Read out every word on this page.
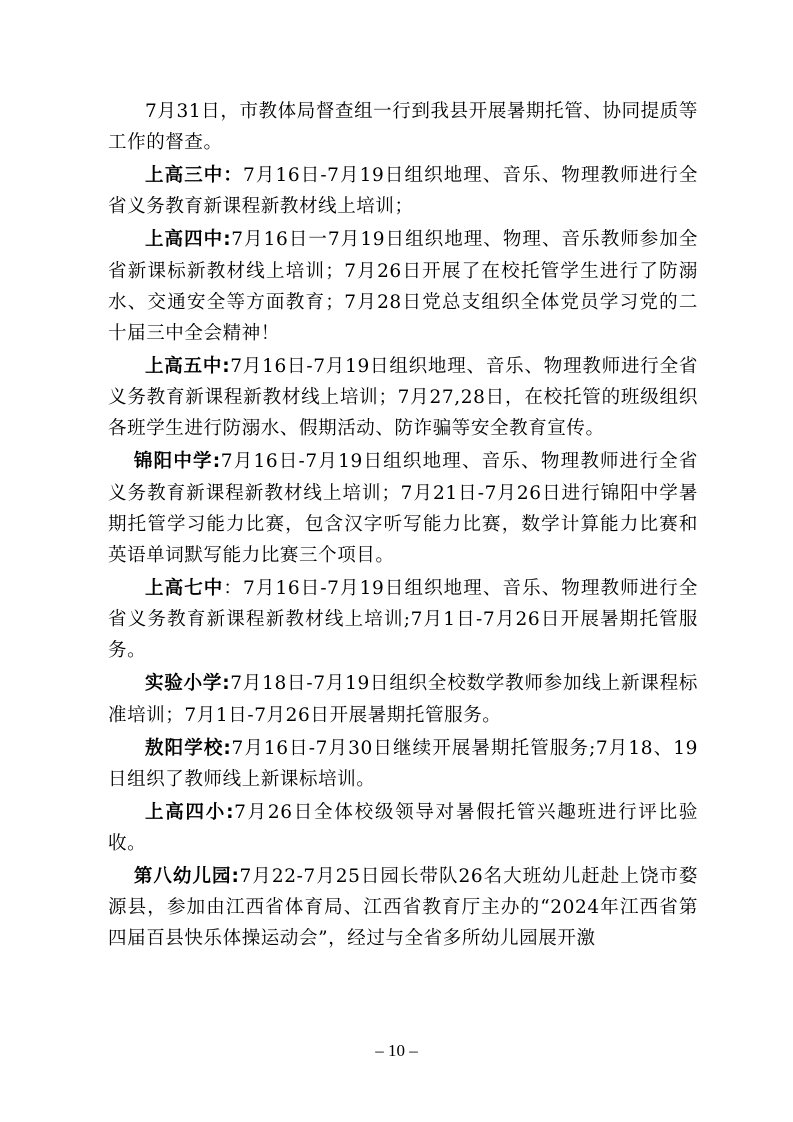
7月31日，市教体局督查组一行到我县开展暑期托管、协同提质等工作的督查。

上高三中：7月16日-7月19日组织地理、音乐、物理教师进行全省义务教育新课程新教材线上培训；

上高四中:7月16日一7月19日组织地理、物理、音乐教师参加全省新课标新教材线上培训；7月26日开展了在校托管学生进行了防溺水、交通安全等方面教育；7月28日党总支组织全体党员学习党的二十届三中全会精神！

上高五中:7月16日-7月19日组织地理、音乐、物理教师进行全省义务教育新课程新教材线上培训；7月27,28日，在校托管的班级组织各班学生进行防溺水、假期活动、防诈骗等安全教育宣传。

锦阳中学:7月16日-7月19日组织地理、音乐、物理教师进行全省义务教育新课程新教材线上培训；7月21日-7月26日进行锦阳中学暑期托管学习能力比赛，包含汉字听写能力比赛，数学计算能力比赛和英语单词默写能力比赛三个项目。

上高七中：7月16日-7月19日组织地理、音乐、物理教师进行全省义务教育新课程新教材线上培训;7月1日-7月26日开展暑期托管服务。

实验小学:7月18日-7月19日组织全校数学教师参加线上新课程标准培训；7月1日-7月26日开展暑期托管服务。

敖阳学校:7月16日-7月30日继续开展暑期托管服务;7月18、19日组织了教师线上新课标培训。

上高四小:7月26日全体校级领导对暑假托管兴趣班进行评比验收。

第八幼儿园:7月22-7月25日园长带队26名大班幼儿赶赴上饶市婺源县，参加由江西省体育局、江西省教育厅主办的“2024年江西省第四届百县快乐体操运动会”，经过与全省多所幼儿园展开激

– 10 –
